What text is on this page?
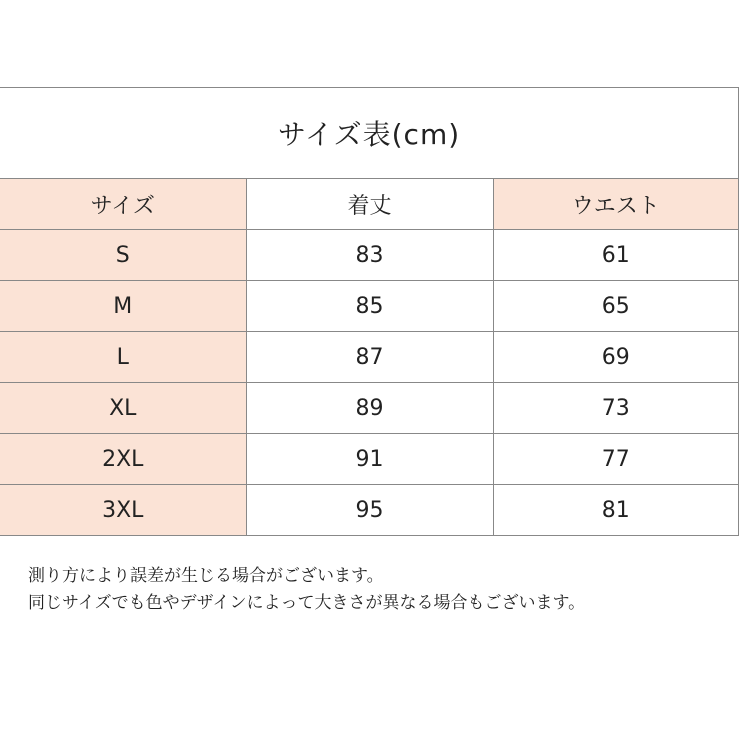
サイズ表(cm)
サイズ	着丈	ウエスト
S	83	61
M	85	65
L	87	69
XL	89	73
2XL	91	77
3XL	95	81
測り方により誤差が生じる場合がございます。
同じサイズでも色やデザインによって大きさが異なる場合もございます。
